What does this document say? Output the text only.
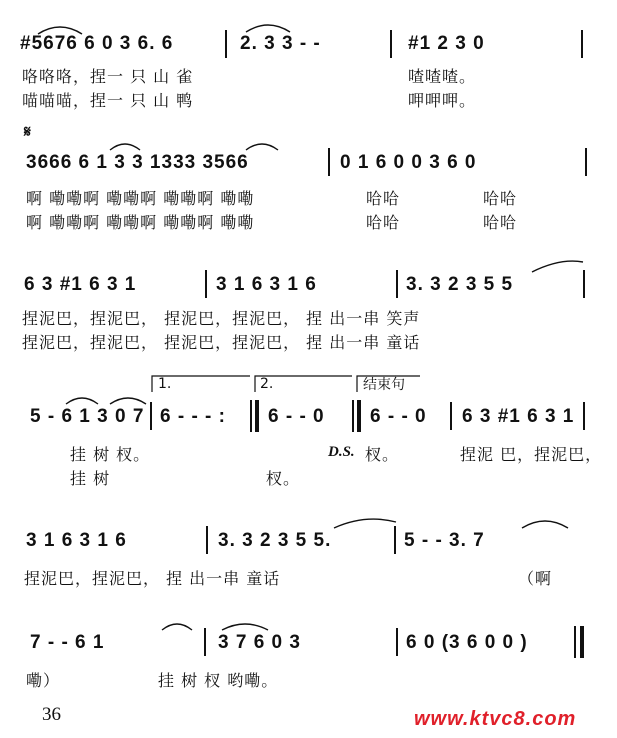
#5676 6 0 3 6. 6	2. 3 3 - -	#1 2 3 0
咯咯咯，捏一 只 山 雀	喳喳喳。
喵喵喵，捏一 只 山 鸭	呷呷呷。
𝄋
3666 6 1 3 3 1333 3566	0 1 6 0 0 3 6 0
啊 嘞嘞啊 嘞嘞啊 嘞嘞啊 嘞嘞	哈哈	哈哈
啊 嘞嘞啊 嘞嘞啊 嘞嘞啊 嘞嘞	哈哈	哈哈
6 3 #1 6 3 1	3 1 6 3 1 6	3. 3 2 3 5 5
捏泥巴，捏泥巴， 捏泥巴，捏泥巴， 捏 出一串 笑声
捏泥巴，捏泥巴， 捏泥巴，捏泥巴， 捏 出一串 童话
1.	2.	结束句
5 - 6 1 3 0 7 6 - - - : 6 - - 0 6 - - 0 6 3 #1 6 3 1
挂 树 杈。	D.S. 杈。	捏泥 巴，捏泥巴，
挂 树	杈。
3 1 6 3 1 6	3. 3 2 3 5 5.	5 - - 3. 7
捏泥巴，捏泥巴， 捏 出一串 童话	（啊
7 - - 6 1	3 7 6 0 3	6 0 (3 6 0 0 )
嘞）	挂 树 杈 哟嘞。
36	www.ktvc8.com
